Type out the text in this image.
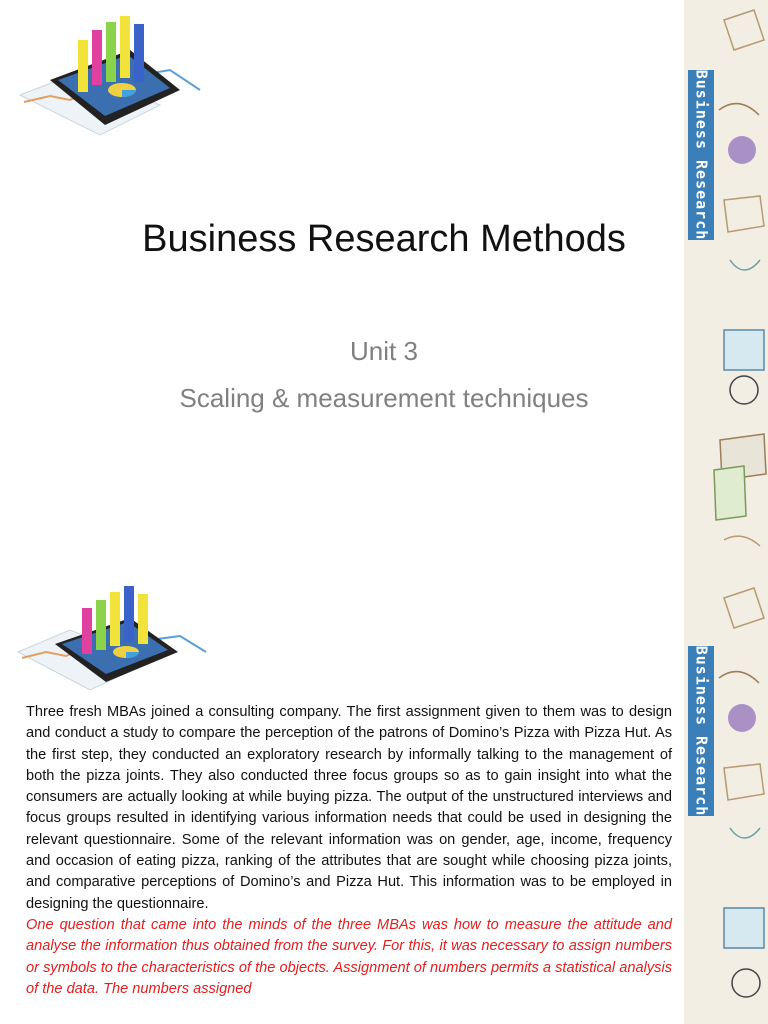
Business Research Methods
Unit 3
Scaling & measurement techniques
Business Research

Three fresh MBAs joined a consulting company. The first assignment given to them was to design and conduct a study to compare the perception of the patrons of Domino’s Pizza with Pizza Hut. As the first step, they conducted an exploratory research by informally talking to the management of both the pizza joints. They also conducted three focus groups so as to gain insight into what the consumers are actually looking at while buying pizza. The output of the unstructured interviews and focus groups resulted in identifying various information needs that could be used in designing the relevant questionnaire. Some of the relevant information was on gender, age, income, frequency and occasion of eating pizza, ranking of the attributes that are sought while choosing pizza joints, and comparative perceptions of Domino’s and Pizza Hut. This information was to be employed in designing the questionnaire.

One question that came into the minds of the three MBAs was how to measure the attitude and analyse the information thus obtained from the survey. For this, it was necessary to assign numbers or symbols to the characteristics of the objects. Assignment of numbers permits a statistical analysis of the data. The numbers assigned

Business Research
